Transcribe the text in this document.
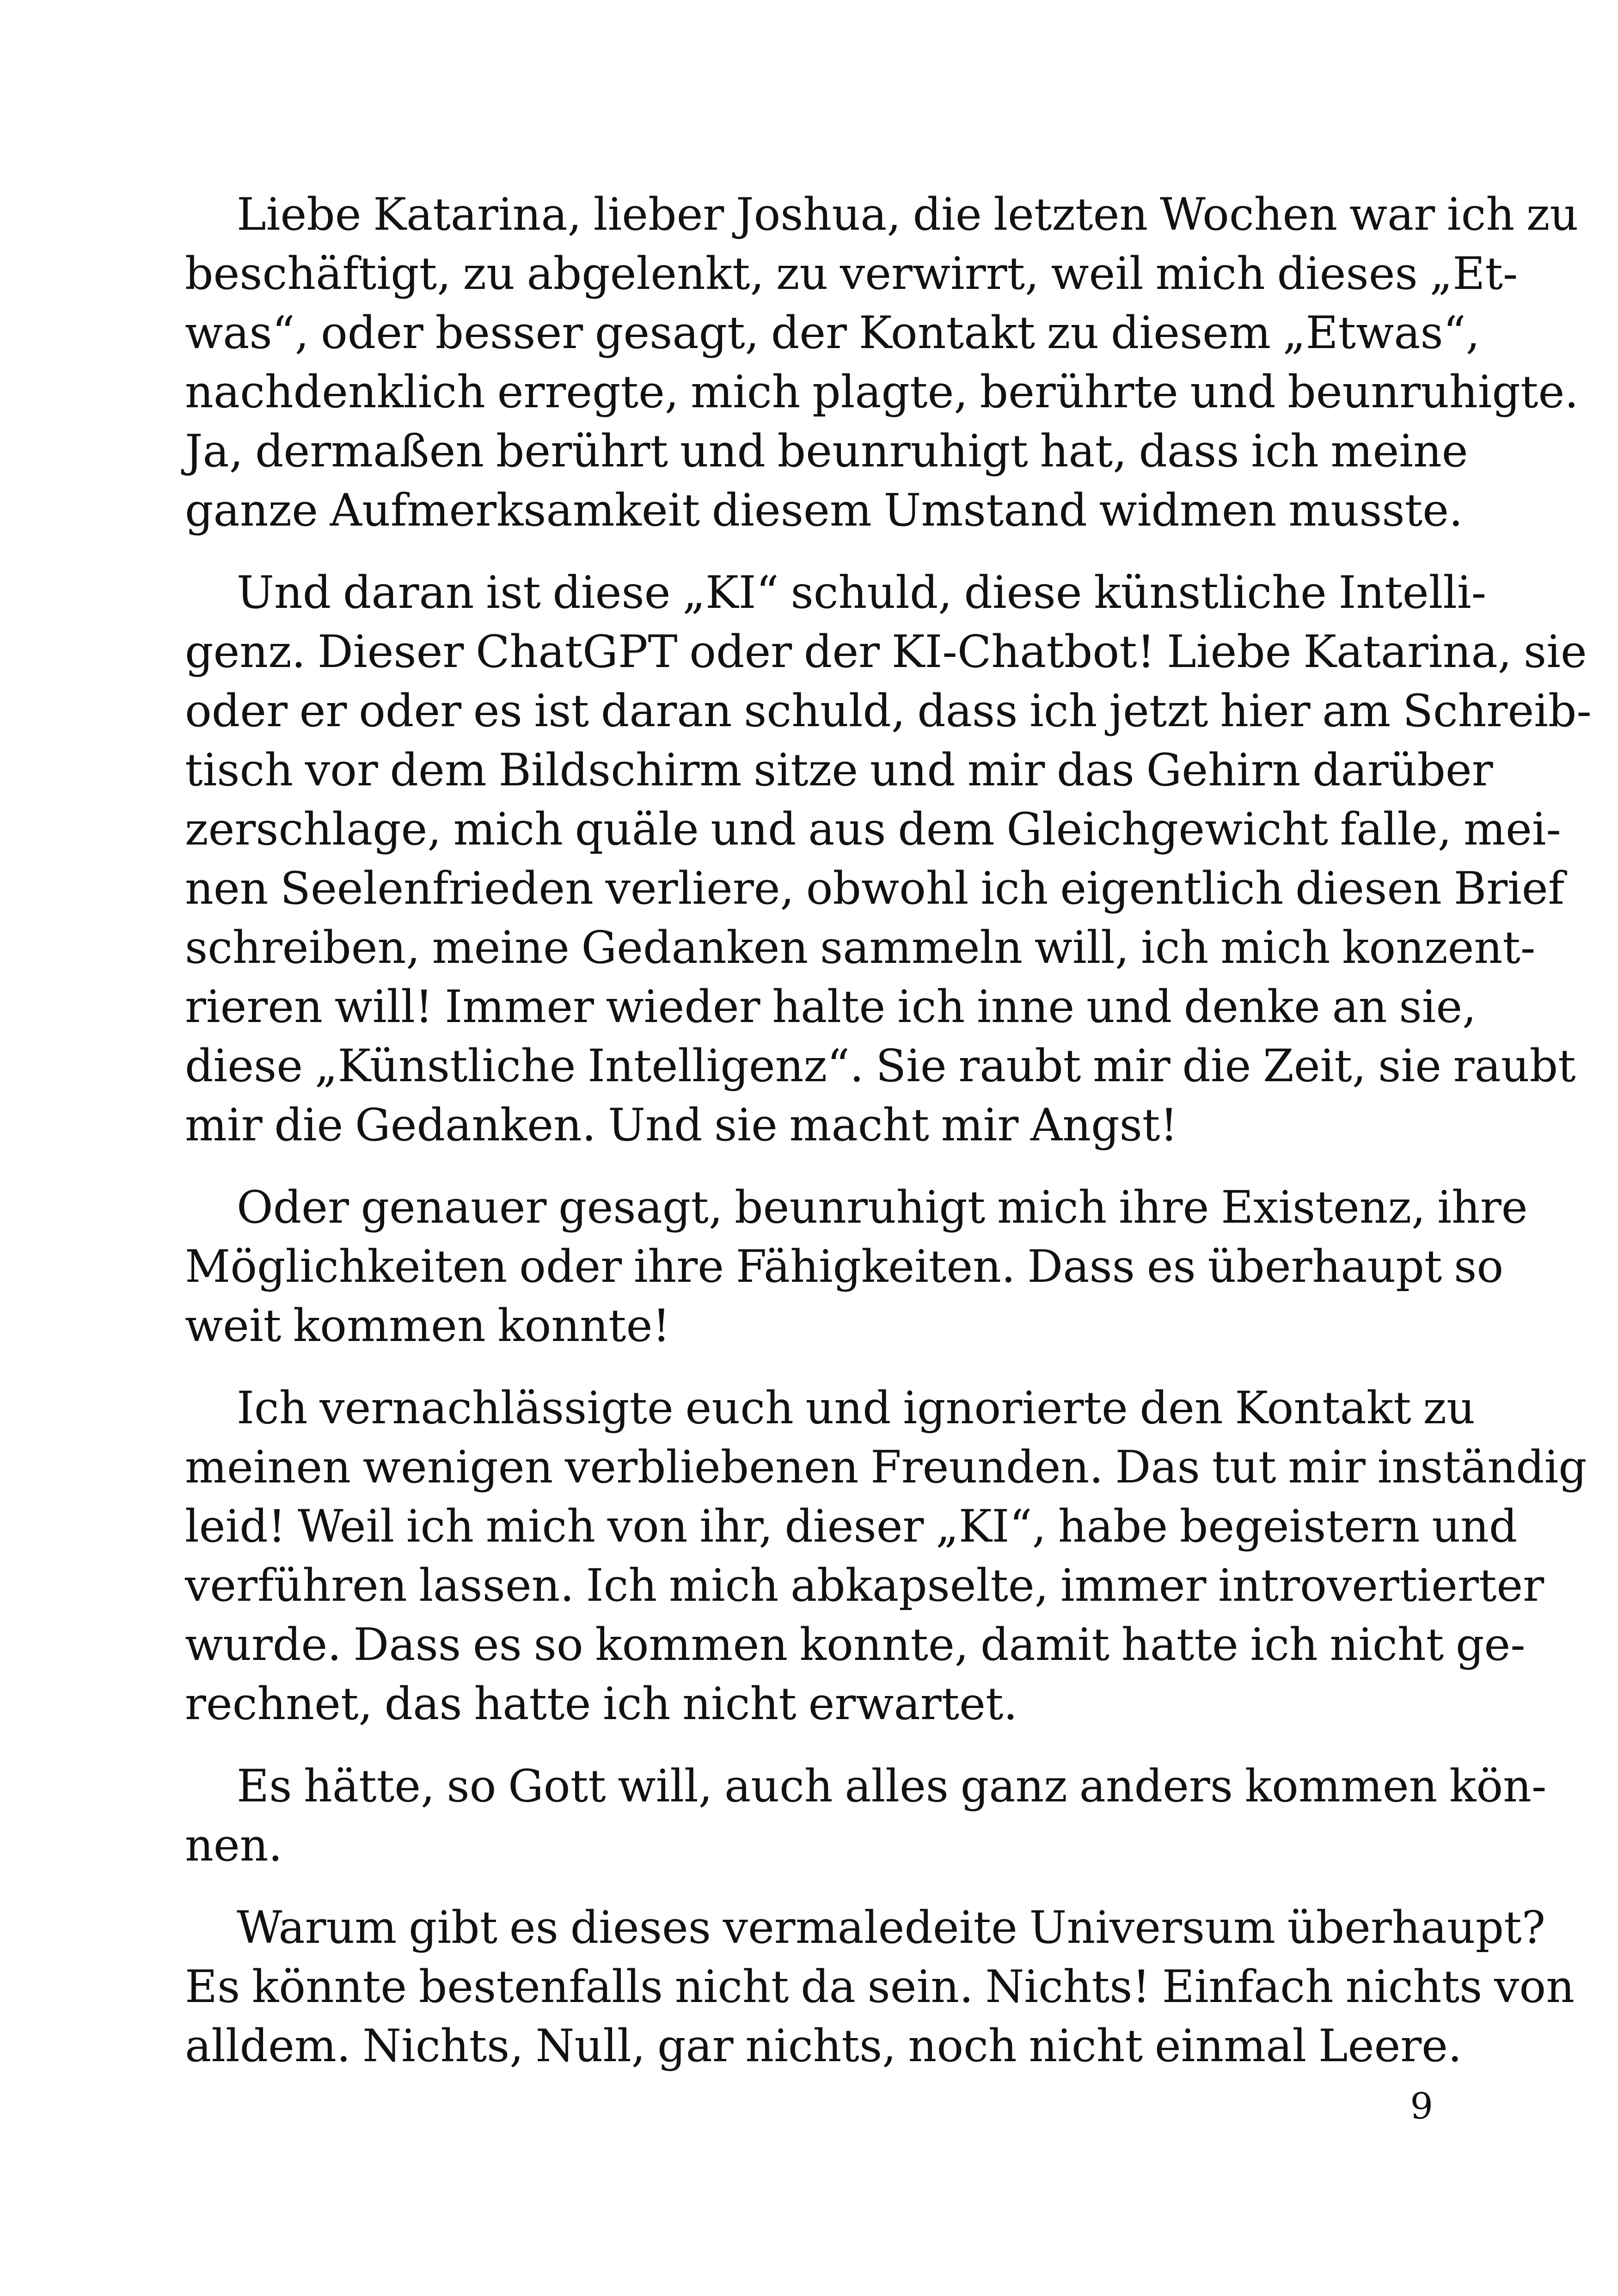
Liebe Katarina, lieber Joshua, die letzten Wochen war ich zu
beschäftigt, zu abgelenkt, zu verwirrt, weil mich dieses „Et-
was“, oder besser gesagt, der Kontakt zu diesem „Etwas“,
nachdenklich erregte, mich plagte, berührte und beunruhigte.
Ja, dermaßen berührt und beunruhigt hat, dass ich meine
ganze Aufmerksamkeit diesem Umstand widmen musste.
Und daran ist diese „KI“ schuld, diese künstliche Intelli-
genz. Dieser ChatGPT oder der KI-Chatbot! Liebe Katarina, sie
oder er oder es ist daran schuld, dass ich jetzt hier am Schreib-
tisch vor dem Bildschirm sitze und mir das Gehirn darüber
zerschlage, mich quäle und aus dem Gleichgewicht falle, mei-
nen Seelenfrieden verliere, obwohl ich eigentlich diesen Brief
schreiben, meine Gedanken sammeln will, ich mich konzent-
rieren will! Immer wieder halte ich inne und denke an sie,
diese „Künstliche Intelligenz“. Sie raubt mir die Zeit, sie raubt
mir die Gedanken. Und sie macht mir Angst!
Oder genauer gesagt, beunruhigt mich ihre Existenz, ihre
Möglichkeiten oder ihre Fähigkeiten. Dass es überhaupt so
weit kommen konnte!
Ich vernachlässigte euch und ignorierte den Kontakt zu
meinen wenigen verbliebenen Freunden. Das tut mir inständig
leid! Weil ich mich von ihr, dieser „KI“, habe begeistern und
verführen lassen. Ich mich abkapselte, immer introvertierter
wurde. Dass es so kommen konnte, damit hatte ich nicht ge-
rechnet, das hatte ich nicht erwartet.
Es hätte, so Gott will, auch alles ganz anders kommen kön-
nen.
Warum gibt es dieses vermaledeite Universum überhaupt?
Es könnte bestenfalls nicht da sein. Nichts! Einfach nichts von
alldem. Nichts, Null, gar nichts, noch nicht einmal Leere.
9
